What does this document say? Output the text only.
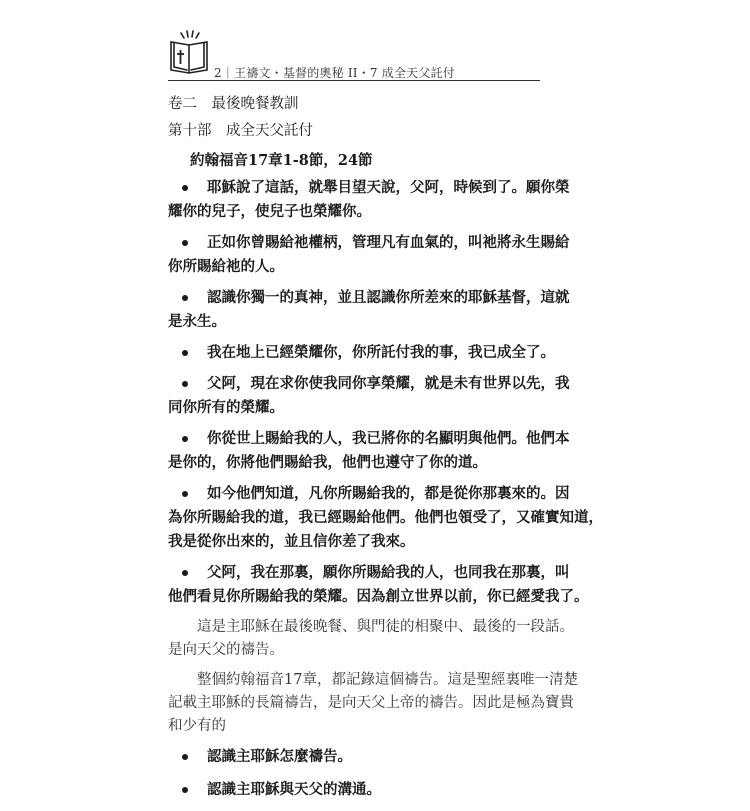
2｜王禱文・基督的奧秘 II・7 成全天父託付
卷二　最後晚餐教訓
第十部　成全天父託付
約翰福音17章1-8節，24節
耶穌說了這話，就舉目望天說，父阿，時候到了。願你榮
耀你的兒子，使兒子也榮耀你。
正如你曾賜給祂權柄，管理凡有血氣的，叫祂將永生賜給
你所賜給祂的人。
認識你獨一的真神，並且認識你所差來的耶穌基督，這就
是永生。
我在地上已經榮耀你，你所託付我的事，我已成全了。
父阿，現在求你使我同你享榮耀，就是未有世界以先，我
同你所有的榮耀。
你從世上賜給我的人，我已將你的名顯明與他們。他們本
是你的，你將他們賜給我，他們也遵守了你的道。
如今他們知道，凡你所賜給我的，都是從你那裏來的。因
為你所賜給我的道，我已經賜給他們。他們也領受了，又確實知道，
我是從你出來的，並且信你差了我來。
父阿，我在那裏，願你所賜給我的人，也同我在那裏，叫
他們看見你所賜給我的榮耀。因為創立世界以前，你已經愛我了。
這是主耶穌在最後晚餐、與門徒的相聚中、最後的一段話。
是向天父的禱告。
整個約翰福音17章，都記錄這個禱告。這是聖經裏唯一清楚
記載主耶穌的長篇禱告，是向天父上帝的禱告。因此是極為寶貴
和少有的
認識主耶穌怎麼禱告。
認識主耶穌與天父的溝通。
